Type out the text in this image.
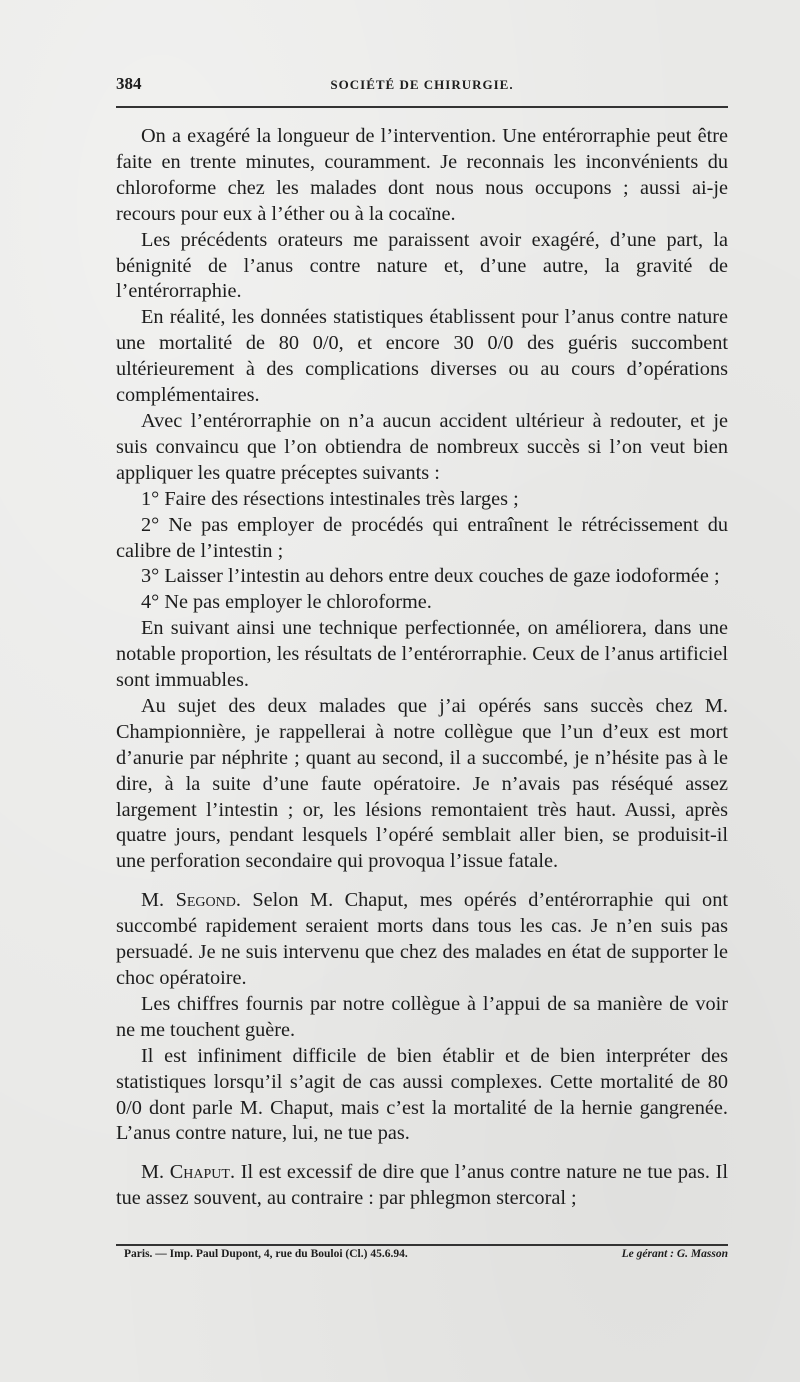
384	SOCIÉTÉ DE CHIRURGIE.

On a exagéré la longueur de l’intervention. Une entérorraphie peut être faite en trente minutes, couramment. Je reconnais les inconvénients du chloroforme chez les malades dont nous nous occupons ; aussi ai-je recours pour eux à l’éther ou à la cocaïne.

Les précédents orateurs me paraissent avoir exagéré, d’une part, la bénignité de l’anus contre nature et, d’une autre, la gravité de l’entérorraphie.

En réalité, les données statistiques établissent pour l’anus contre nature une mortalité de 80 0/0, et encore 30 0/0 des guéris succombent ultérieurement à des complications diverses ou au cours d’opérations complémentaires.

Avec l’entérorraphie on n’a aucun accident ultérieur à redouter, et je suis convaincu que l’on obtiendra de nombreux succès si l’on veut bien appliquer les quatre préceptes suivants :

1° Faire des résections intestinales très larges ;

2° Ne pas employer de procédés qui entraînent le rétrécissement du calibre de l’intestin ;

3° Laisser l’intestin au dehors entre deux couches de gaze iodoformée ;

4° Ne pas employer le chloroforme.

En suivant ainsi une technique perfectionnée, on améliorera, dans une notable proportion, les résultats de l’entérorraphie. Ceux de l’anus artificiel sont immuables.

Au sujet des deux malades que j’ai opérés sans succès chez M. Championnière, je rappellerai à notre collègue que l’un d’eux est mort d’anurie par néphrite ; quant au second, il a succombé, je n’hésite pas à le dire, à la suite d’une faute opératoire. Je n’avais pas réséqué assez largement l’intestin ; or, les lésions remontaient très haut. Aussi, après quatre jours, pendant lesquels l’opéré semblait aller bien, se produisit-il une perforation secondaire qui provoqua l’issue fatale.

M. Segond. Selon M. Chaput, mes opérés d’entérorraphie qui ont succombé rapidement seraient morts dans tous les cas. Je n’en suis pas persuadé. Je ne suis intervenu que chez des malades en état de supporter le choc opératoire.

Les chiffres fournis par notre collègue à l’appui de sa manière de voir ne me touchent guère.

Il est infiniment difficile de bien établir et de bien interpréter des statistiques lorsqu’il s’agit de cas aussi complexes. Cette mortalité de 80 0/0 dont parle M. Chaput, mais c’est la mortalité de la hernie gangrenée. L’anus contre nature, lui, ne tue pas.

M. Chaput. Il est excessif de dire que l’anus contre nature ne tue pas. Il tue assez souvent, au contraire : par phlegmon stercoral ;

Paris. — Imp. Paul Dupont, 4, rue du Bouloi (Cl.) 45.6.94.	Le gérant : G. Masson
